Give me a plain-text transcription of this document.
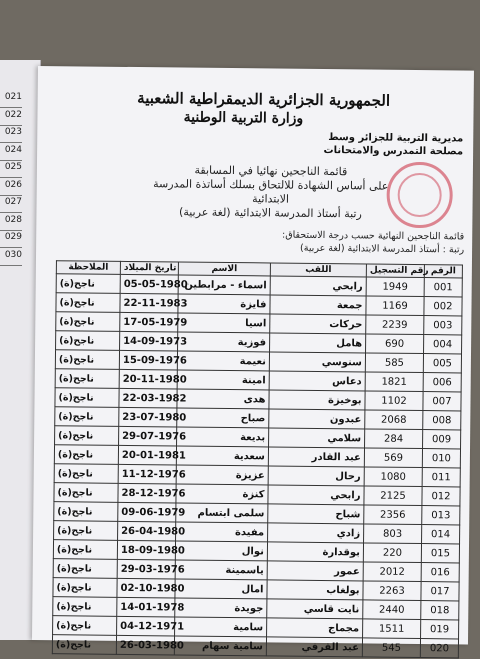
021
022
023
024
025
026
027
028
029
030
الجمهورية الجزائرية الديمقراطية الشعبية
وزارة التربية الوطنية
مديرية التربية للجزائر وسط
مصلحة التمدرس والامتحانات
قائمة الناجحين نهائيا في المسابقة
على أساس الشهادة للالتحاق بسلك أساتذة المدرسة الابتدائية
رتبة أستاذ المدرسة الابتدائية (لغة عربية)
قائمة الناجحين النهائية حسب درجة الاستحقاق:
رتبة : أستاذ المدرسة الابتدائية (لغة عربية)
الملاحظة	تاريخ الميلاد	الاسم	اللقب	رقم التسجيل	الرقم
ناجح(ة)	05-05-1980	اسماء - مرابطين	رابحي	1949	001
ناجح(ة)	22-11-1983	فايزة	جمعة	1169	002
ناجح(ة)	17-05-1979	اسيا	حركات	2239	003
ناجح(ة)	14-09-1973	فوزية	هامل	690	004
ناجح(ة)	15-09-1976	نعيمة	سنوسي	585	005
ناجح(ة)	20-11-1980	امينة	دعاس	1821	006
ناجح(ة)	22-03-1982	هدى	بوخيزة	1102	007
ناجح(ة)	23-07-1980	صباح	عبدون	2068	008
ناجح(ة)	29-07-1976	بديعة	سلامي	284	009
ناجح(ة)	20-01-1981	سعدية	عبد القادر	569	010
ناجح(ة)	11-12-1976	عزيزة	رحال	1080	011
ناجح(ة)	28-12-1976	كنزة	رابحي	2125	012
ناجح(ة)	09-06-1979	سلمى ابتسام	شباح	2356	013
ناجح(ة)	26-04-1980	مفيدة	زادي	803	014
ناجح(ة)	18-09-1980	نوال	بوقدارة	220	015
ناجح(ة)	29-03-1976	ياسمينة	عمور	2012	016
ناجح(ة)	02-10-1980	امال	بولغاب	2263	017
ناجح(ة)	14-01-1978	جويدة	نايت قاسي	2440	018
ناجح(ة)	04-12-1971	سامية	مجماج	1511	019
ناجح(ة)	26-03-1980	سامية سهام	عبد القرفي	545	020
